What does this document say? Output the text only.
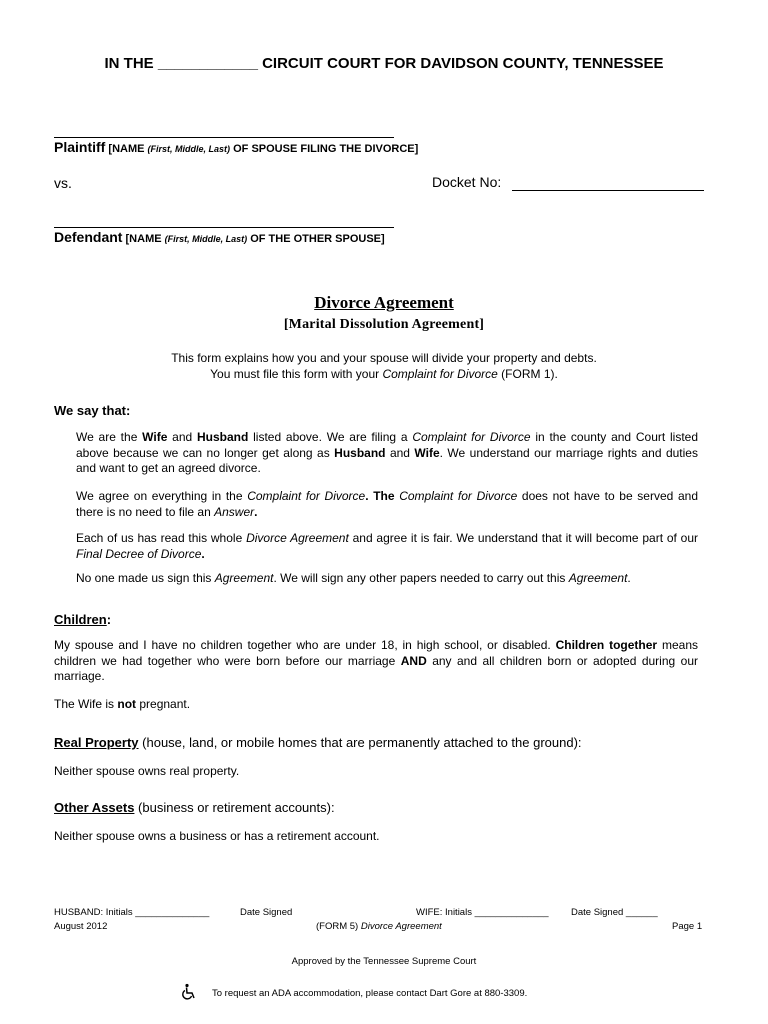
IN THE ____________ CIRCUIT COURT FOR DAVIDSON COUNTY, TENNESSEE
Plaintiff [NAME (First, Middle, Last) OF SPOUSE FILING THE DIVORCE]
vs.	Docket No:
Defendant [NAME (First, Middle, Last) OF THE OTHER SPOUSE]
Divorce Agreement
[Marital Dissolution Agreement]
This form explains how you and your spouse will divide your property and debts.
You must file this form with your Complaint for Divorce (FORM 1).
We say that:
We are the Wife and Husband listed above. We are filing a Complaint for Divorce in the county and Court listed above because we can no longer get along as Husband and Wife. We understand our marriage rights and duties and want to get an agreed divorce.
We agree on everything in the Complaint for Divorce. The Complaint for Divorce does not have to be served and there is no need to file an Answer.
Each of us has read this whole Divorce Agreement and agree it is fair. We understand that it will become part of our Final Decree of Divorce.
No one made us sign this Agreement. We will sign any other papers needed to carry out this Agreement.
Children:
My spouse and I have no children together who are under 18, in high school, or disabled. Children together means children we had together who were born before our marriage AND any and all children born or adopted during our marriage.
The Wife is not pregnant.
Real Property (house, land, or mobile homes that are permanently attached to the ground):
Neither spouse owns real property.
Other Assets (business or retirement accounts):
Neither spouse owns a business or has a retirement account.
HUSBAND: Initials ______________	Date Signed	WIFE: Initials ______________ Date Signed ______
August 2012	(FORM 5) Divorce Agreement	Page 1
Approved by the Tennessee Supreme Court
To request an ADA accommodation, please contact Dart Gore at 880-3309.
